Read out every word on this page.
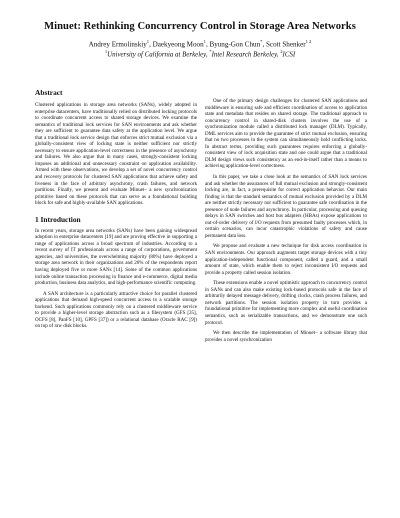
Minuet: Rethinking Concurrency Control in Storage Area Networks
Andrey Ermolinskiy$^1$, Daekyeong Moon$^1$, Byung-Gon Chun*, Scott Shenker$^{1 2}$
$^1$University of California at Berkeley, *Intel Research Berkeley, $^2$ICSI
Abstract

Clustered applications in storage area networks (SANs), widely adopted in enterprise datacenters, have traditionally relied on distributed locking protocols to coordinate concurrent access to shared storage devices. We examine the semantics of traditional lock services for SAN environments and ask whether they are sufficient to guarantee data safety at the application level. We argue that a traditional lock service design that enforces strict mutual exclusion via a globally-consistent view of locking state is neither sufficient nor strictly necessary to ensure application-level correctness in the presence of asynchrony and failures. We also argue that in many cases, strongly-consistent locking imposes an additional and unnecessary constraint on application availability. Armed with these observations, we develop a set of novel concurrency control and recovery protocols for clustered SAN applications that achieve safety and liveness in the face of arbitrary asynchrony, crash failures, and network partitions. Finally, we present and evaluate Minuet– a new synchronization primitive based on these protocols that can serve as a foundational building block for safe and highly-available SAN applications.

1 Introduction

In recent years, storage area networks (SANs) have been gaining widespread adoption in enterprise datacenters [19] and are proving effective in supporting a range of applications across a broad spectrum of industries. According to a recent survey of IT professionals across a range of corporations, government agencies, and universities, the overwhelming majority (80%) have deployed a storage area network in their organizations and 26% of the respondents report having deployed five or more SANs [14]. Some of the common applications include online transaction processing in finance and e-commerce, digital media production, business data analytics, and high-performance scientific computing.

A SAN architecture is a particularly attractive choice for parallel clustered applications that demand high-speed concurrent access to a scalable storage backend. Such applications commonly rely on a clustered middleware service to provide a higher-level storage abstraction such as a filesystem (GFS [35], OCFS [8], PanFS [10], GPFS [37]) or a relational database (Oracle RAC [9]) on top of raw disk blocks.

One of the primary design challenges for clustered SAN applications and middleware is ensuring safe and efficient coordination of access to application state and metadata that resides on shared storage. The traditional approach to concurrency control in shared-disk clusters involves the use of a synchronization module called a distributed lock manager (DLM). Typically, DML services aim to provide the guarantee of strict mutual exclusion, ensuring that no two processes in the system can simultaneously hold conflicting locks. In abstract terms, providing such guarantees requires enforcing a globally-consistent view of lock acquisition state and one could argue that a traditional DLM design views such consistency as an end-in-itself rather than a means to achieving application-level correctness.

In this paper, we take a close look at the semantics of SAN lock services and ask whether the assurances of full mutual exclusion and strongly-consistent locking are, in fact, a prerequisite for correct application behavior. Our main finding is that the standard semantics of mutual exclusion provided by a DLM are neither strictly necessary nor sufficient to guarantee safe coordination in the presence of node failures and asynchrony. In particular, processing and queuing delays in SAN switches and host bus adapters (HBAs) expose applications to out-of-order delivery of I/O requests from presumed faulty processes which, in certain scenarios, can incur catastrophic violations of safety and cause permanent data loss.

We propose and evaluate a new technique for disk access coordination in SAN environments. Our approach augments target storage devices with a tiny application-independent functional component, called a guard, and a small amount of state, which enable them to reject inconsistent I/O requests and provide a property called session isolation.

These extensions enable a novel optimistic approach to concurrency control in SANs and can also make existing lock-based protocols safe in the face of arbitrarily delayed message delivery, drifting clocks, crash process failures, and network partitions. The session isolation property in turn provides a foundational primitive for implementing more complex and useful coordination semantics, such as serializable transactions, and we demonstrate one such protocol.

We then describe the implementation of Minuet– a software library that provides a novel synchronization
